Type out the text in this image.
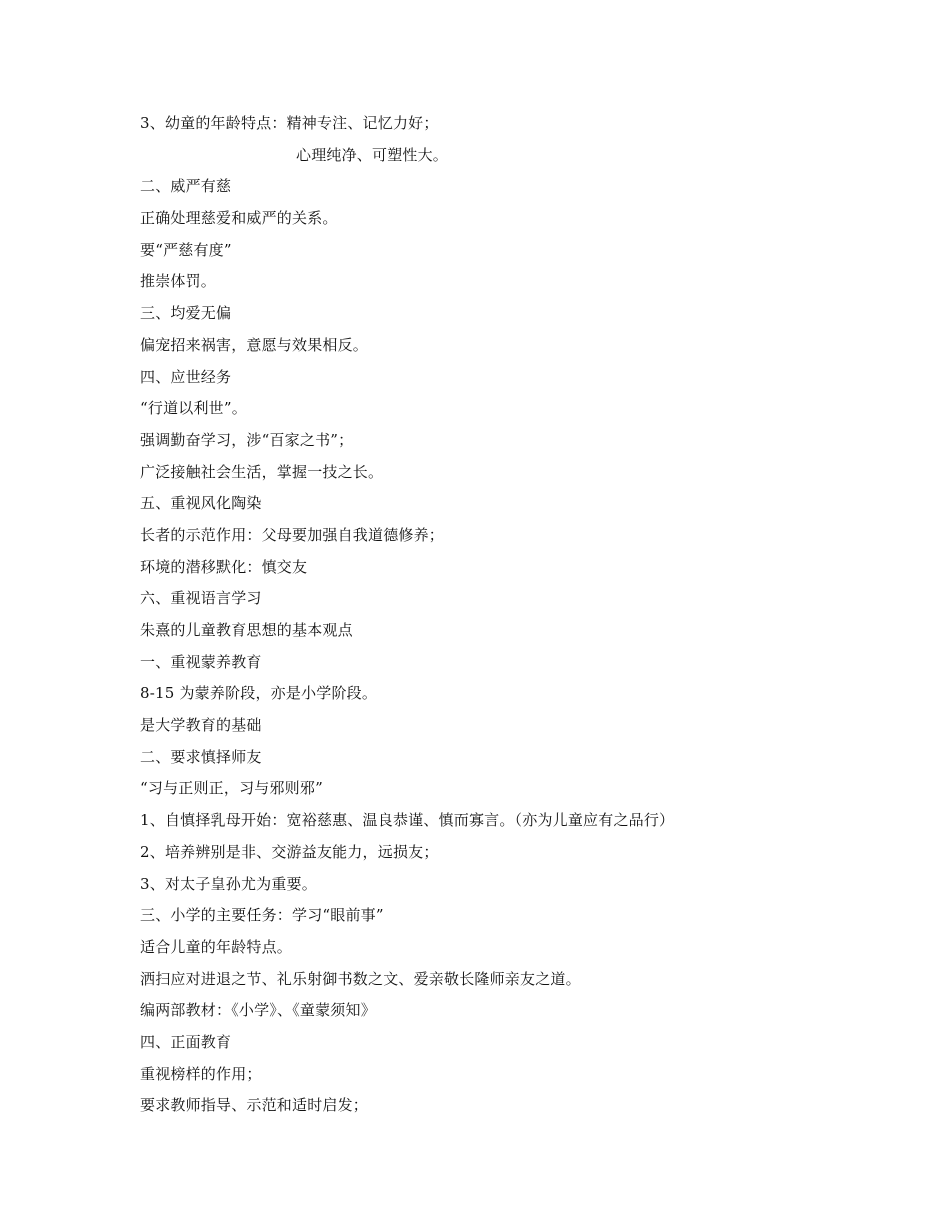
3、幼童的年龄特点：精神专注、记忆力好；
心理纯净、可塑性大。
二、威严有慈
正确处理慈爱和威严的关系。
要“严慈有度”
推崇体罚。
三、均爱无偏
偏宠招来祸害，意愿与效果相反。
四、应世经务
“行道以利世”。
强调勤奋学习，涉“百家之书”；
广泛接触社会生活，掌握一技之长。
五、重视风化陶染
长者的示范作用：父母要加强自我道德修养；
环境的潜移默化：慎交友
六、重视语言学习
朱熹的儿童教育思想的基本观点
一、重视蒙养教育
8-15 为蒙养阶段，亦是小学阶段。
是大学教育的基础
二、要求慎择师友
“习与正则正，习与邪则邪”
1、自慎择乳母开始：宽裕慈惠、温良恭谨、慎而寡言。（亦为儿童应有之品行）
2、培养辨别是非、交游益友能力，远损友；
3、对太子皇孙尤为重要。
三、小学的主要任务：学习“眼前事”
适合儿童的年龄特点。
洒扫应对进退之节、礼乐射御书数之文、爱亲敬长隆师亲友之道。
编两部教材：《小学》、《童蒙须知》
四、正面教育
重视榜样的作用；
要求教师指导、示范和适时启发；
